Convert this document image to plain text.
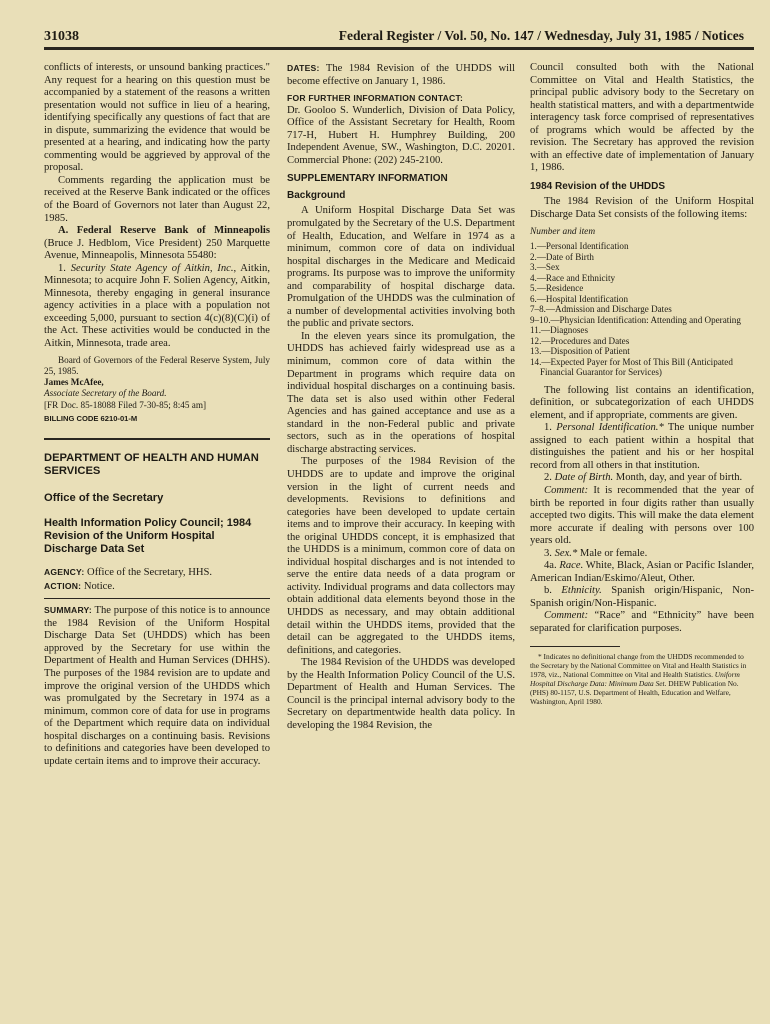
31038	Federal Register / Vol. 50, No. 147 / Wednesday, July 31, 1985 / Notices

conflicts of interests, or unsound banking practices." Any request for a hearing on this question must be accompanied by a statement of the reasons a written presentation would not suffice in lieu of a hearing, identifying specifically any questions of fact that are in dispute, summarizing the evidence that would be presented at a hearing, and indicating how the party commenting would be aggrieved by approval of the proposal.

Comments regarding the application must be received at the Reserve Bank indicated or the offices of the Board of Governors not later than August 22, 1985.

A. Federal Reserve Bank of Minneapolis (Bruce J. Hedblom, Vice President) 250 Marquette Avenue, Minneapolis, Minnesota 55480:

1. Security State Agency of Aitkin, Inc., Aitkin, Minnesota; to acquire John F. Solien Agency, Aitkin, Minnesota, thereby engaging in general insurance agency activities in a place with a population not exceeding 5,000, pursuant to section 4(c)(8)(C)(i) of the Act. These activities would be conducted in the Aitkin, Minnesota, trade area.

Board of Governors of the Federal Reserve System, July 25, 1985.

James McAfee,

Associate Secretary of the Board.

[FR Doc. 85-18088 Filed 7-30-85; 8:45 am]

BILLING CODE 6210-01-M

DEPARTMENT OF HEALTH AND HUMAN SERVICES

Office of the Secretary

Health Information Policy Council; 1984 Revision of the Uniform Hospital Discharge Data Set

AGENCY: Office of the Secretary, HHS.

ACTION: Notice.

SUMMARY: The purpose of this notice is to announce the 1984 Revision of the Uniform Hospital Discharge Data Set (UHDDS) which has been approved by the Secretary for use within the Department of Health and Human Services (DHHS). The purposes of the 1984 revision are to update and improve the original version of the UHDDS which was promulgated by the Secretary in 1974 as a minimum, common core of data for use in programs of the Department which require data on individual hospital discharges on a continuing basis. Revisions to definitions and categories have been developed to update certain items and to improve their accuracy.

DATES: The 1984 Revision of the UHDDS will become effective on January 1, 1986.

FOR FURTHER INFORMATION CONTACT:

Dr. Gooloo S. Wunderlich, Division of Data Policy, Office of the Assistant Secretary for Health, Room 717-H, Hubert H. Humphrey Building, 200 Independent Avenue, SW., Washington, D.C. 20201. Commercial Phone: (202) 245-2100.

SUPPLEMENTARY INFORMATION

Background

A Uniform Hospital Discharge Data Set was promulgated by the Secretary of the U.S. Department of Health, Education, and Welfare in 1974 as a minimum, common core of data on individual hospital discharges in the Medicare and Medicaid programs. Its purpose was to improve the uniformity and comparability of hospital discharge data. Promulgation of the UHDDS was the culmination of a number of developmental activities involving both the public and private sectors.

In the eleven years since its promulgation, the UHDDS has achieved fairly widespread use as a minimum, common core of data within the Department in programs which require data on individual hospital discharges on a continuing basis. The data set is also used within other Federal Agencies and has gained acceptance and use as a standard in the non-Federal public and private sectors, such as in the operations of hospital discharge abstracting services.

The purposes of the 1984 Revision of the UHDDS are to update and improve the original version in the light of current needs and developments. Revisions to definitions and categories have been developed to update certain items and to improve their accuracy. In keeping with the original UHDDS concept, it is emphasized that the UHDDS is a minimum, common core of data on individual hospital discharges and is not intended to serve the entire data needs of a data program or activity. Individual programs and data collectors may obtain additional data elements beyond those in the UHDDS as necessary, and may obtain additional detail within the UHDDS items, provided that the detail can be aggregated to the UHDDS items, definitions, and categories.

The 1984 Revision of the UHDDS was developed by the Health Information Policy Council of the U.S. Department of Health and Human Services. The Council is the principal internal advisory body to the Secretary on departmentwide health data policy. In developing the 1984 Revision, the

Council consulted both with the National Committee on Vital and Health Statistics, the principal public advisory body to the Secretary on health statistical matters, and with a departmentwide interagency task force comprised of representatives of programs which would be affected by the revision. The Secretary has approved the revision with an effective date of implementation of January 1, 1986.

1984 Revision of the UHDDS

The 1984 Revision of the Uniform Hospital Discharge Data Set consists of the following items:

Number and item

1.—Personal Identification
2.—Date of Birth
3.—Sex
4.—Race and Ethnicity
5.—Residence
6.—Hospital Identification
7–8.—Admission and Discharge Dates
9–10.—Physician Identification: Attending and Operating
11.—Diagnoses
12.—Procedures and Dates
13.—Disposition of Patient
14.—Expected Payer for Most of This Bill (Anticipated Financial Guarantor for Services)

The following list contains an identification, definition, or subcategorization of each UHDDS element, and if appropriate, comments are given.

1. Personal Identification.* The unique number assigned to each patient within a hospital that distinguishes the patient and his or her hospital record from all others in that institution.

2. Date of Birth. Month, day, and year of birth.

Comment: It is recommended that the year of birth be reported in four digits rather than usually accepted two digits. This will make the data element more accurate if dealing with persons over 100 years old.

3. Sex.* Male or female.

4a. Race. White, Black, Asian or Pacific Islander, American Indian/Eskimo/Aleut, Other.

b. Ethnicity. Spanish origin/Hispanic, Non-Spanish origin/Non-Hispanic.

Comment: “Race” and “Ethnicity” have been separated for clarification purposes.

* Indicates no definitional change from the UHDDS recommended to the Secretary by the National Committee on Vital and Health Statistics in 1978, viz., National Committee on Vital and Health Statistics. Uniform Hospital Discharge Data: Minimum Data Set. DHEW Publication No. (PHS) 80-1157, U.S. Department of Health, Education and Welfare, Washington, April 1980.
